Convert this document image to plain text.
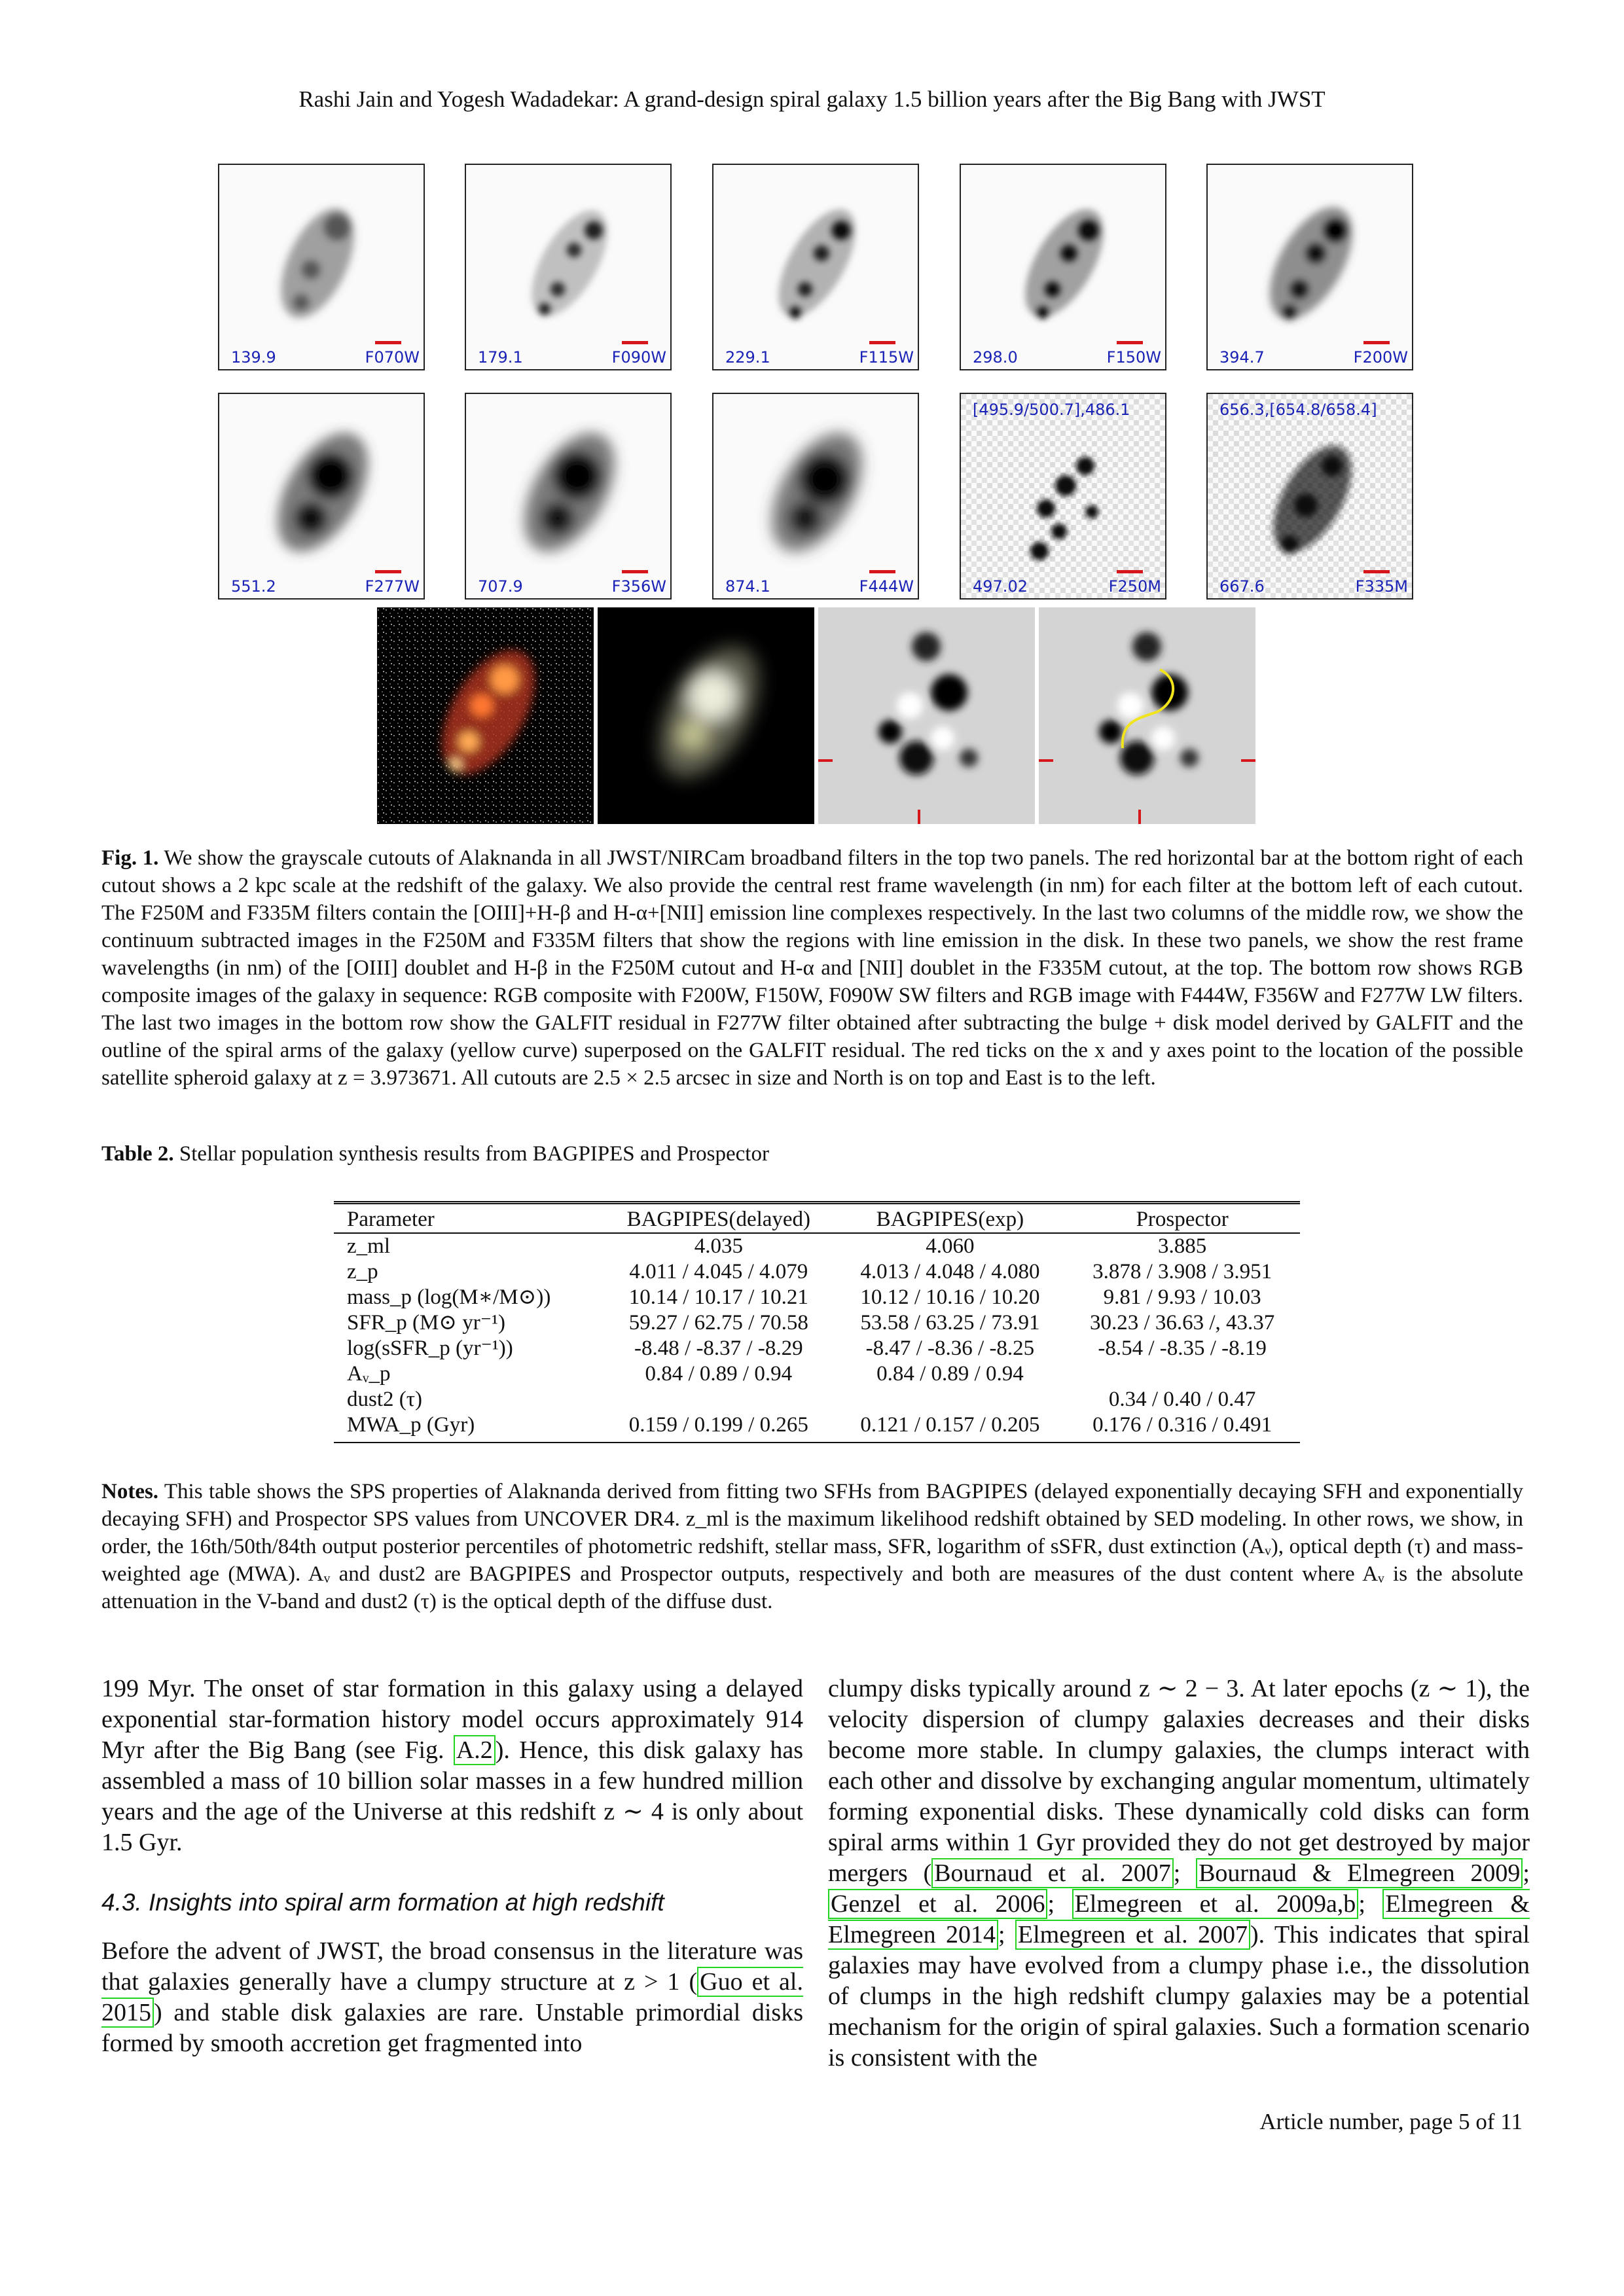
Rashi Jain and Yogesh Wadadekar: A grand-design spiral galaxy 1.5 billion years after the Big Bang with JWST
139.9	F070W	179.1	F090W	229.1	F115W	298.0	F150W	394.7	F200W
551.2	F277W	707.9	F356W	874.1	F444W
[495.9/500.7],486.1
497.02	F250M
656.3,[654.8/658.4]
667.6	F335M
Fig. 1. We show the grayscale cutouts of Alaknanda in all JWST/NIRCam broadband filters in the top two panels. The red horizontal bar at the bottom right of each cutout shows a 2 kpc scale at the redshift of the galaxy. We also provide the central rest frame wavelength (in nm) for each filter at the bottom left of each cutout. The F250M and F335M filters contain the [OIII]+H-β and H-α+[NII] emission line complexes respectively. In the last two columns of the middle row, we show the continuum subtracted images in the F250M and F335M filters that show the regions with line emission in the disk. In these two panels, we show the rest frame wavelengths (in nm) of the [OIII] doublet and H-β in the F250M cutout and H-α and [NII] doublet in the F335M cutout, at the top. The bottom row shows RGB composite images of the galaxy in sequence: RGB composite with F200W, F150W, F090W SW filters and RGB image with F444W, F356W and F277W LW filters. The last two images in the bottom row show the GALFIT residual in F277W filter obtained after subtracting the bulge + disk model derived by GALFIT and the outline of the spiral arms of the galaxy (yellow curve) superposed on the GALFIT residual. The red ticks on the x and y axes point to the location of the possible satellite spheroid galaxy at z = 3.973671. All cutouts are 2.5 × 2.5 arcsec in size and North is on top and East is to the left.
Table 2. Stellar population synthesis results from BAGPIPES and Prospector
Parameter	BAGPIPES(delayed)	BAGPIPES(exp)	Prospector
z_ml	4.035	4.060	3.885
z_p	4.011 / 4.045 / 4.079	4.013 / 4.048 / 4.080	3.878 / 3.908 / 3.951
mass_p (log(M∗/M⊙))	10.14 / 10.17 / 10.21	10.12 / 10.16 / 10.20	9.81 / 9.93 / 10.03
SFR_p (M⊙ yr⁻¹)	59.27 / 62.75 / 70.58	53.58 / 63.25 / 73.91	30.23 / 36.63 /, 43.37
log(sSFR_p (yr⁻¹))	-8.48 / -8.37 / -8.29	-8.47 / -8.36 / -8.25	-8.54 / -8.35 / -8.19
Aᵥ_p	0.84 / 0.89 / 0.94	0.84 / 0.89 / 0.94	
dust2 (τ)			0.34 / 0.40 / 0.47
MWA_p (Gyr)	0.159 / 0.199 / 0.265	0.121 / 0.157 / 0.205	0.176 / 0.316 / 0.491
Notes. This table shows the SPS properties of Alaknanda derived from fitting two SFHs from BAGPIPES (delayed exponentially decaying SFH and exponentially decaying SFH) and Prospector SPS values from UNCOVER DR4. z_ml is the maximum likelihood redshift obtained by SED modeling. In other rows, we show, in order, the 16th/50th/84th output posterior percentiles of photometric redshift, stellar mass, SFR, logarithm of sSFR, dust extinction (Aᵥ), optical depth (τ) and mass-weighted age (MWA). Aᵥ and dust2 are BAGPIPES and Prospector outputs, respectively and both are measures of the dust content where Aᵥ is the absolute attenuation in the V-band and dust2 (τ) is the optical depth of the diffuse dust.

199 Myr. The onset of star formation in this galaxy using a delayed exponential star-formation history model occurs approximately 914 Myr after the Big Bang (see Fig. A.2 ). Hence, this disk galaxy has assembled a mass of 10 billion solar masses in a few hundred million years and the age of the Universe at this redshift z ∼ 4 is only about 1.5 Gyr.

4.3. Insights into spiral arm formation at high redshift

Before the advent of JWST, the broad consensus in the literature was that galaxies generally have a clumpy structure at z > 1 ( Guo et al. 2015 ) and stable disk galaxies are rare. Unstable primordial disks formed by smooth accretion get fragmented into

clumpy disks typically around z ∼ 2 − 3. At later epochs (z ∼ 1), the velocity dispersion of clumpy galaxies decreases and their disks become more stable. In clumpy galaxies, the clumps interact with each other and dissolve by exchanging angular momentum, ultimately forming exponential disks. These dynamically cold disks can form spiral arms within 1 Gyr provided they do not get destroyed by major mergers ( Bournaud et al. 2007 ; Bournaud & Elmegreen 2009 ; Genzel et al. 2006 ; Elmegreen et al. 2009a,b ; Elmegreen & Elmegreen 2014 ; Elmegreen et al. 2007 ). This indicates that spiral galaxies may have evolved from a clumpy phase i.e., the dissolution of clumps in the high redshift clumpy galaxies may be a potential mechanism for the origin of spiral galaxies. Such a formation scenario is consistent with the

Article number, page 5 of 11
